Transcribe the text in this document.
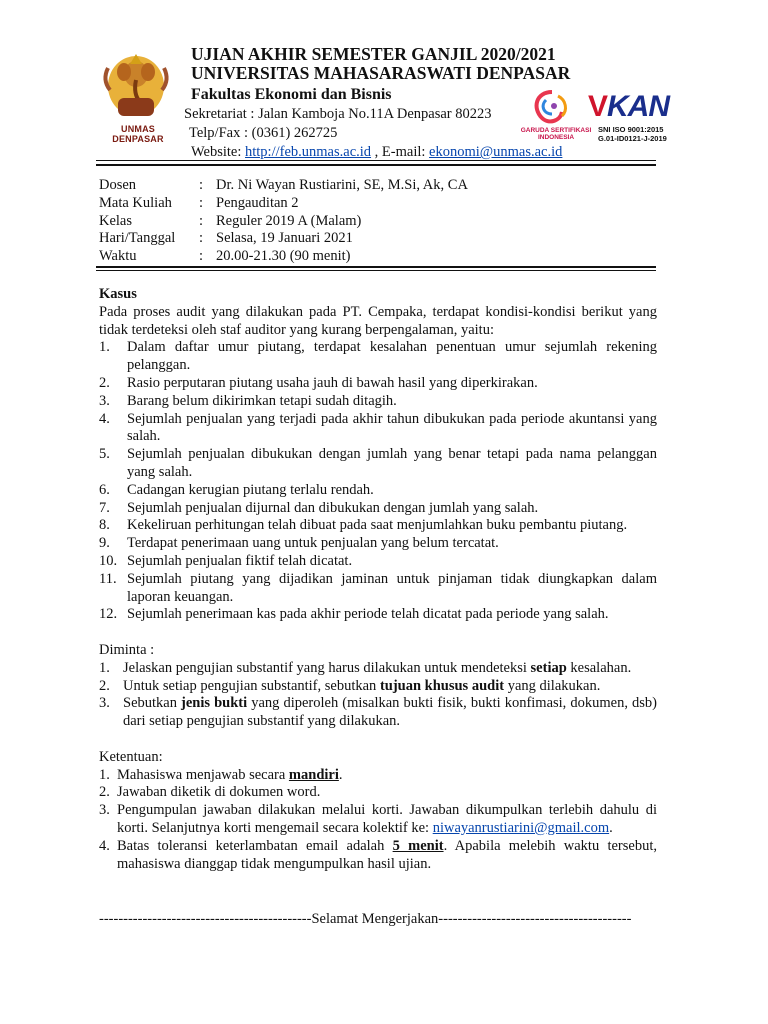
UNMAS DENPASAR

UJIAN AKHIR SEMESTER GANJIL 2020/2021

UNIVERSITAS MAHASARASWATI DENPASAR

Fakultas Ekonomi dan Bisnis

Sekretariat : Jalan Kamboja No.11A Denpasar 80223

Telp/Fax : (0361) 262725

Website: http://feb.unmas.ac.id , E-mail: ekonomi@unmas.ac.id

GARUDA SERTIFIKASI
INDONESIA
VKAN
SNI ISO 9001:2015
G.01-ID0121-J-2019
Dosen	: Dr. Ni Wayan Rustiarini, SE, M.Si, Ak, CA
Mata Kuliah : Pengauditan 2
Kelas	: Reguler 2019 A (Malam)
Hari/Tanggal : Selasa, 19 Januari 2021
Waktu	: 20.00-21.30 (90 menit)

Kasus

Pada proses audit yang dilakukan pada PT. Cempaka, terdapat kondisi-kondisi berikut yang tidak terdeteksi oleh staf auditor yang kurang berpengalaman, yaitu:

1. Dalam daftar umur piutang, terdapat kesalahan penentuan umur sejumlah rekening pelanggan.
2. Rasio perputaran piutang usaha jauh di bawah hasil yang diperkirakan.
3. Barang belum dikirimkan tetapi sudah ditagih.
4. Sejumlah penjualan yang terjadi pada akhir tahun dibukukan pada periode akuntansi yang salah.
5. Sejumlah penjualan dibukukan dengan jumlah yang benar tetapi pada nama pelanggan yang salah.
6. Cadangan kerugian piutang terlalu rendah.
7. Sejumlah penjualan dijurnal dan dibukukan dengan jumlah yang salah.
8. Kekeliruan perhitungan telah dibuat pada saat menjumlahkan buku pembantu piutang.
9. Terdapat penerimaan uang untuk penjualan yang belum tercatat.
10. Sejumlah penjualan fiktif telah dicatat.
11. Sejumlah piutang yang dijadikan jaminan untuk pinjaman tidak diungkapkan dalam laporan keuangan.
12. Sejumlah penerimaan kas pada akhir periode telah dicatat pada periode yang salah.

Diminta :

1. Jelaskan pengujian substantif yang harus dilakukan untuk mendeteksi setiap kesalahan.
2. Untuk setiap pengujian substantif, sebutkan tujuan khusus audit yang dilakukan.
3. Sebutkan jenis bukti yang diperoleh (misalkan bukti fisik, bukti konfimasi, dokumen, dsb) dari setiap pengujian substantif yang dilakukan.

Ketentuan:

1. Mahasiswa menjawab secara mandiri.
2. Jawaban diketik di dokumen word.
3. Pengumpulan jawaban dilakukan melalui korti. Jawaban dikumpulkan terlebih dahulu di korti. Selanjutnya korti mengemail secara kolektif ke: niwayanrustiarini@gmail.com.
4. Batas toleransi keterlambatan email adalah 5 menit. Apabila melebih waktu tersebut, mahasiswa dianggap tidak mengumpulkan hasil ujian.
--------------------------------------------Selamat Mengerjakan----------------------------------------
